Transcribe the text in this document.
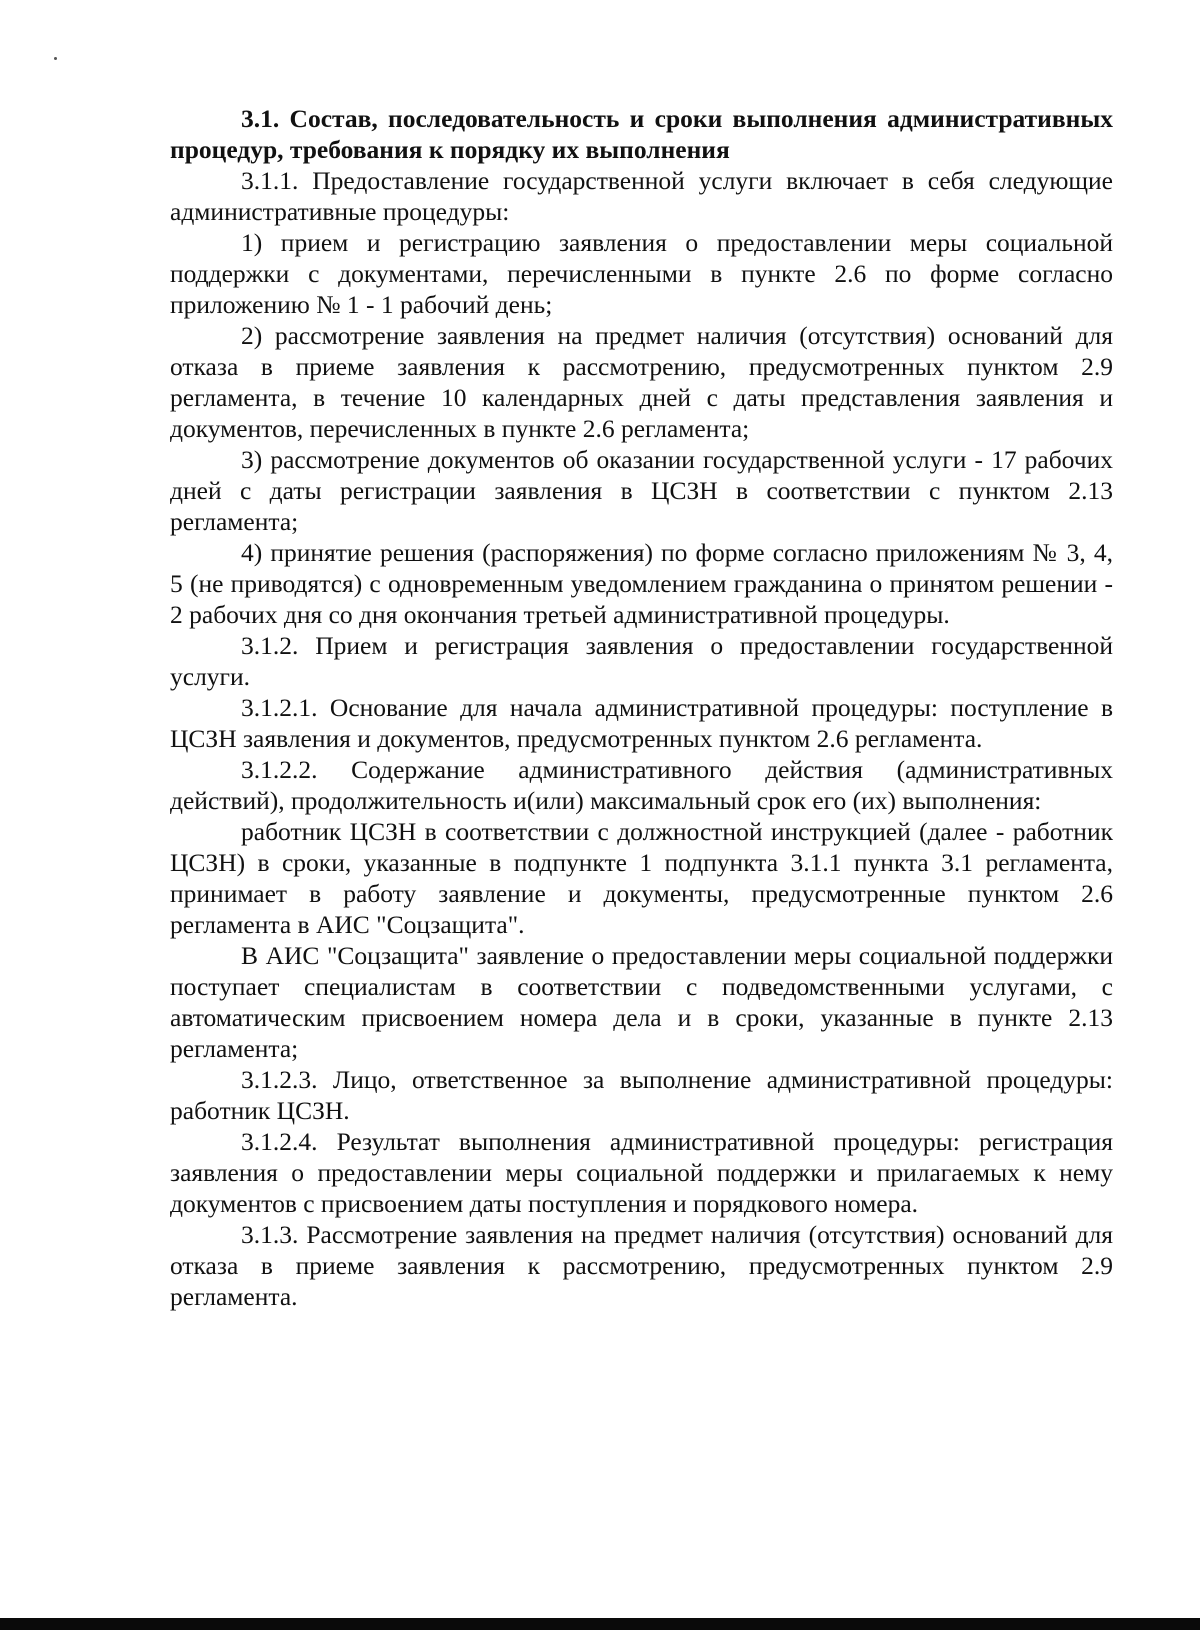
3.1. Состав, последовательность и сроки выполнения административных процедур, требования к порядку их выполнения

3.1.1. Предоставление государственной услуги включает в себя следующие административные процедуры:

1) прием и регистрацию заявления о предоставлении меры социальной поддержки с документами, перечисленными в пункте 2.6 по форме согласно приложению № 1 - 1 рабочий день;

2) рассмотрение заявления на предмет наличия (отсутствия) оснований для отказа в приеме заявления к рассмотрению, предусмотренных пунктом 2.9 регламента, в течение 10 календарных дней с даты представления заявления и документов, перечисленных в пункте 2.6 регламента;

3) рассмотрение документов об оказании государственной услуги - 17 рабочих дней с даты регистрации заявления в ЦСЗН в соответствии с пунктом 2.13 регламента;

4) принятие решения (распоряжения) по форме согласно приложениям № 3, 4, 5 (не приводятся) с одновременным уведомлением гражданина о принятом решении - 2 рабочих дня со дня окончания третьей административной процедуры.

3.1.2. Прием и регистрация заявления о предоставлении государственной услуги.

3.1.2.1. Основание для начала административной процедуры: поступление в ЦСЗН заявления и документов, предусмотренных пунктом 2.6 регламента.

3.1.2.2. Содержание административного действия (административных действий), продолжительность и(или) максимальный срок его (их) выполнения:

работник ЦСЗН в соответствии с должностной инструкцией (далее - работник ЦСЗН) в сроки, указанные в подпункте 1 подпункта 3.1.1 пункта 3.1 регламента, принимает в работу заявление и документы, предусмотренные пунктом 2.6 регламента в АИС "Соцзащита".

В АИС "Соцзащита" заявление о предоставлении меры социальной поддержки поступает специалистам в соответствии с подведомственными услугами, с автоматическим присвоением номера дела и в сроки, указанные в пункте 2.13 регламента;

3.1.2.3. Лицо, ответственное за выполнение административной процедуры: работник ЦСЗН.

3.1.2.4. Результат выполнения административной процедуры: регистрация заявления о предоставлении меры социальной поддержки и прилагаемых к нему документов с присвоением даты поступления и порядкового номера.

3.1.3. Рассмотрение заявления на предмет наличия (отсутствия) оснований для отказа в приеме заявления к рассмотрению, предусмотренных пунктом 2.9 регламента.
